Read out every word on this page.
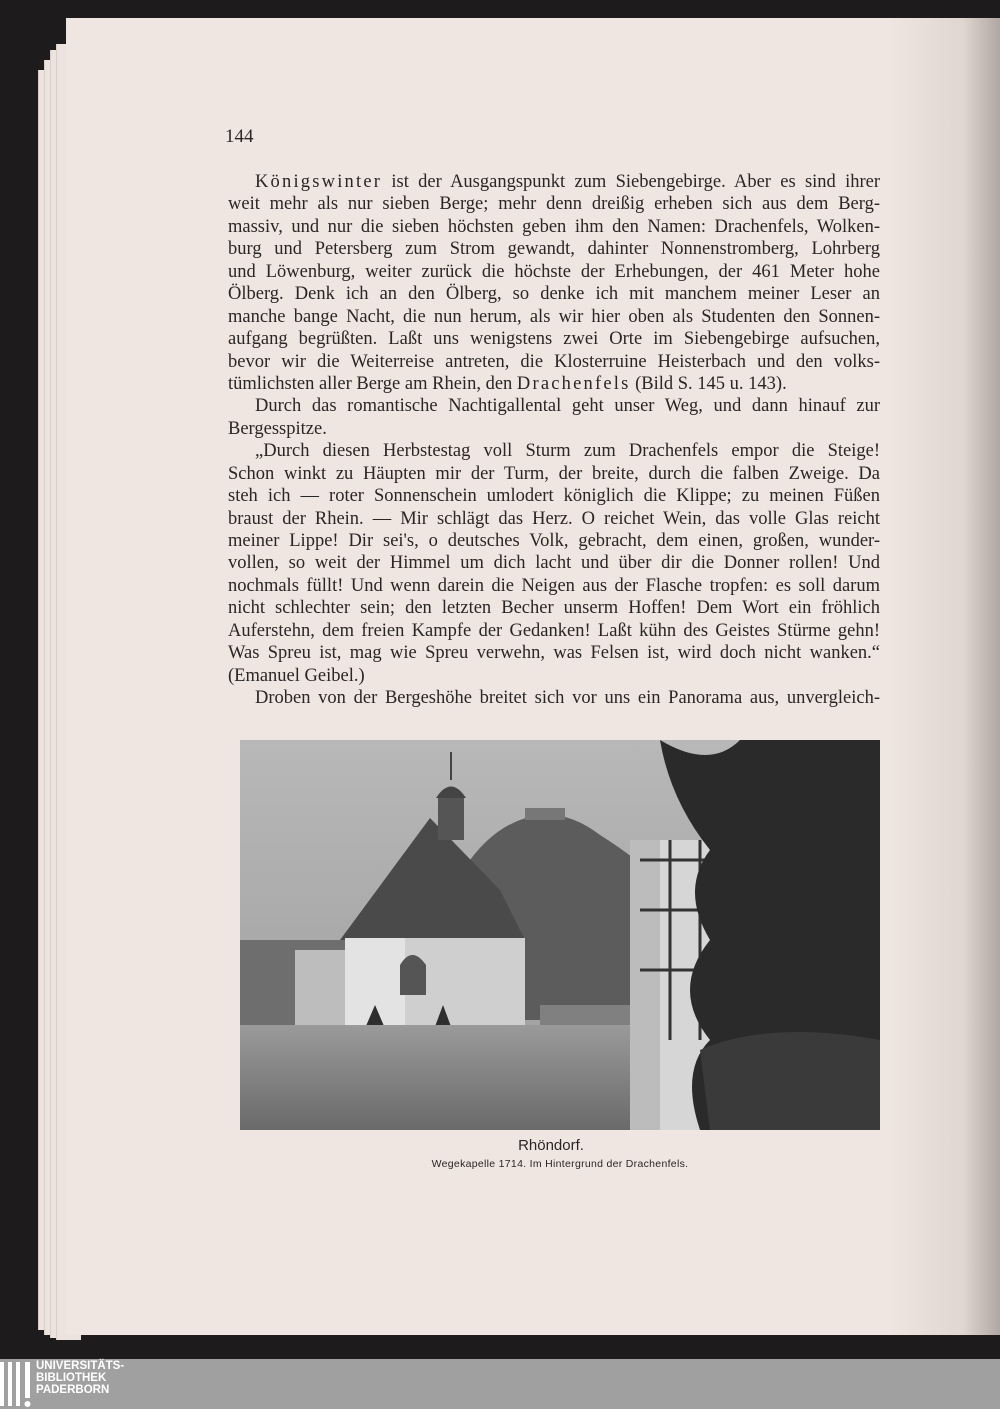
144
Königswinter ist der Ausgangspunkt zum Siebengebirge. Aber es sind ihrer
weit mehr als nur sieben Berge; mehr denn dreißig erheben sich aus dem Berg-
massiv, und nur die sieben höchsten geben ihm den Namen: Drachenfels, Wolken-
burg und Petersberg zum Strom gewandt, dahinter Nonnenstromberg, Lohrberg
und Löwenburg, weiter zurück die höchste der Erhebungen, der 461 Meter hohe
Ölberg. Denk ich an den Ölberg, so denke ich mit manchem meiner Leser an
manche bange Nacht, die nun herum, als wir hier oben als Studenten den Sonnen-
aufgang begrüßten. Laßt uns wenigstens zwei Orte im Siebengebirge aufsuchen,
bevor wir die Weiterreise antreten, die Klosterruine Heisterbach und den volks-
tümlichsten aller Berge am Rhein, den Drachenfels (Bild S. 145 u. 143).
Durch das romantische Nachtigallental geht unser Weg, und dann hinauf zur
Bergesspitze.
„Durch diesen Herbstestag voll Sturm zum Drachenfels empor die Steige!
Schon winkt zu Häupten mir der Turm, der breite, durch die falben Zweige. Da
steh ich — roter Sonnenschein umlodert königlich die Klippe; zu meinen Füßen
braust der Rhein. — Mir schlägt das Herz. O reichet Wein, das volle Glas reicht
meiner Lippe! Dir sei's, o deutsches Volk, gebracht, dem einen, großen, wunder-
vollen, so weit der Himmel um dich lacht und über dir die Donner rollen! Und
nochmals füllt! Und wenn darein die Neigen aus der Flasche tropfen: es soll darum
nicht schlechter sein; den letzten Becher unserm Hoffen! Dem Wort ein fröhlich
Auferstehn, dem freien Kampfe der Gedanken! Laßt kühn des Geistes Stürme gehn!
Was Spreu ist, mag wie Spreu verwehn, was Felsen ist, wird doch nicht wanken.“
(Emanuel Geibel.)
Droben von der Bergeshöhe breitet sich vor uns ein Panorama aus, unvergleich-
Rhöndorf.
Wegekapelle 1714. Im Hintergrund der Drachenfels.
UNIVERSITÄTS-
BIBLIOTHEK
PADERBORN
